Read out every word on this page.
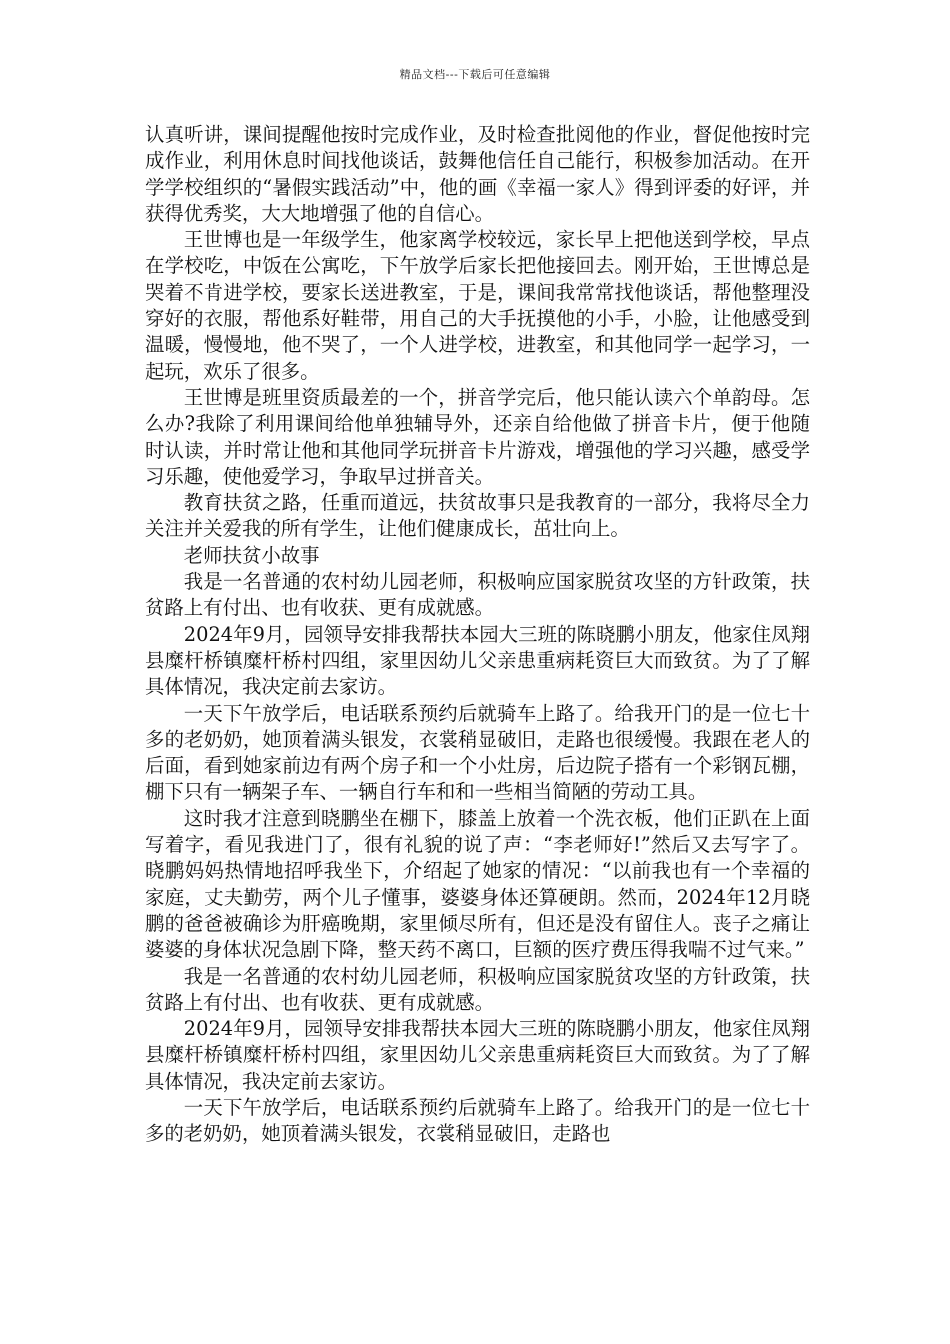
精品文档---下载后可任意编辑

认真听讲，课间提醒他按时完成作业，及时检查批阅他的作业，督促他按时完成作业，利用休息时间找他谈话，鼓舞他信任自己能行，积极参加活动。在开学学校组织的“暑假实践活动”中，他的画《幸福一家人》得到评委的好评，并获得优秀奖，大大地增强了他的自信心。

王世博也是一年级学生，他家离学校较远，家长早上把他送到学校，早点在学校吃，中饭在公寓吃，下午放学后家长把他接回去。刚开始，王世博总是哭着不肯进学校，要家长送进教室，于是，课间我常常找他谈话，帮他整理没穿好的衣服，帮他系好鞋带，用自己的大手抚摸他的小手，小脸，让他感受到温暖，慢慢地，他不哭了，一个人进学校，进教室，和其他同学一起学习，一起玩，欢乐了很多。

王世博是班里资质最差的一个，拼音学完后，他只能认读六个单韵母。怎么办?我除了利用课间给他单独辅导外，还亲自给他做了拼音卡片，便于他随时认读，并时常让他和其他同学玩拼音卡片游戏，增强他的学习兴趣，感受学习乐趣，使他爱学习，争取早过拼音关。

教育扶贫之路，任重而道远，扶贫故事只是我教育的一部分，我将尽全力关注并关爱我的所有学生，让他们健康成长，茁壮向上。

老师扶贫小故事

我是一名普通的农村幼儿园老师，积极响应国家脱贫攻坚的方针政策，扶贫路上有付出、也有收获、更有成就感。

2024年9月，园领导安排我帮扶本园大三班的陈晓鹏小朋友，他家住凤翔县糜杆桥镇糜杆桥村四组，家里因幼儿父亲患重病耗资巨大而致贫。为了了解具体情况，我决定前去家访。

一天下午放学后，电话联系预约后就骑车上路了。给我开门的是一位七十多的老奶奶，她顶着满头银发，衣裳稍显破旧，走路也很缓慢。我跟在老人的后面，看到她家前边有两个房子和一个小灶房，后边院子搭有一个彩钢瓦棚，棚下只有一辆架子车、一辆自行车和和一些相当简陋的劳动工具。

这时我才注意到晓鹏坐在棚下，膝盖上放着一个洗衣板，他们正趴在上面写着字，看见我进门了，很有礼貌的说了声：“李老师好!”然后又去写字了。晓鹏妈妈热情地招呼我坐下，介绍起了她家的情况：“以前我也有一个幸福的家庭，丈夫勤劳，两个儿子懂事，婆婆身体还算硬朗。然而，2024年12月晓鹏的爸爸被确诊为肝癌晚期，家里倾尽所有，但还是没有留住人。丧子之痛让婆婆的身体状况急剧下降，整天药不离口，巨额的医疗费压得我喘不过气来。”

我是一名普通的农村幼儿园老师，积极响应国家脱贫攻坚的方针政策，扶贫路上有付出、也有收获、更有成就感。

2024年9月，园领导安排我帮扶本园大三班的陈晓鹏小朋友，他家住凤翔县糜杆桥镇糜杆桥村四组，家里因幼儿父亲患重病耗资巨大而致贫。为了了解具体情况，我决定前去家访。

一天下午放学后，电话联系预约后就骑车上路了。给我开门的是一位七十多的老奶奶，她顶着满头银发，衣裳稍显破旧，走路也
